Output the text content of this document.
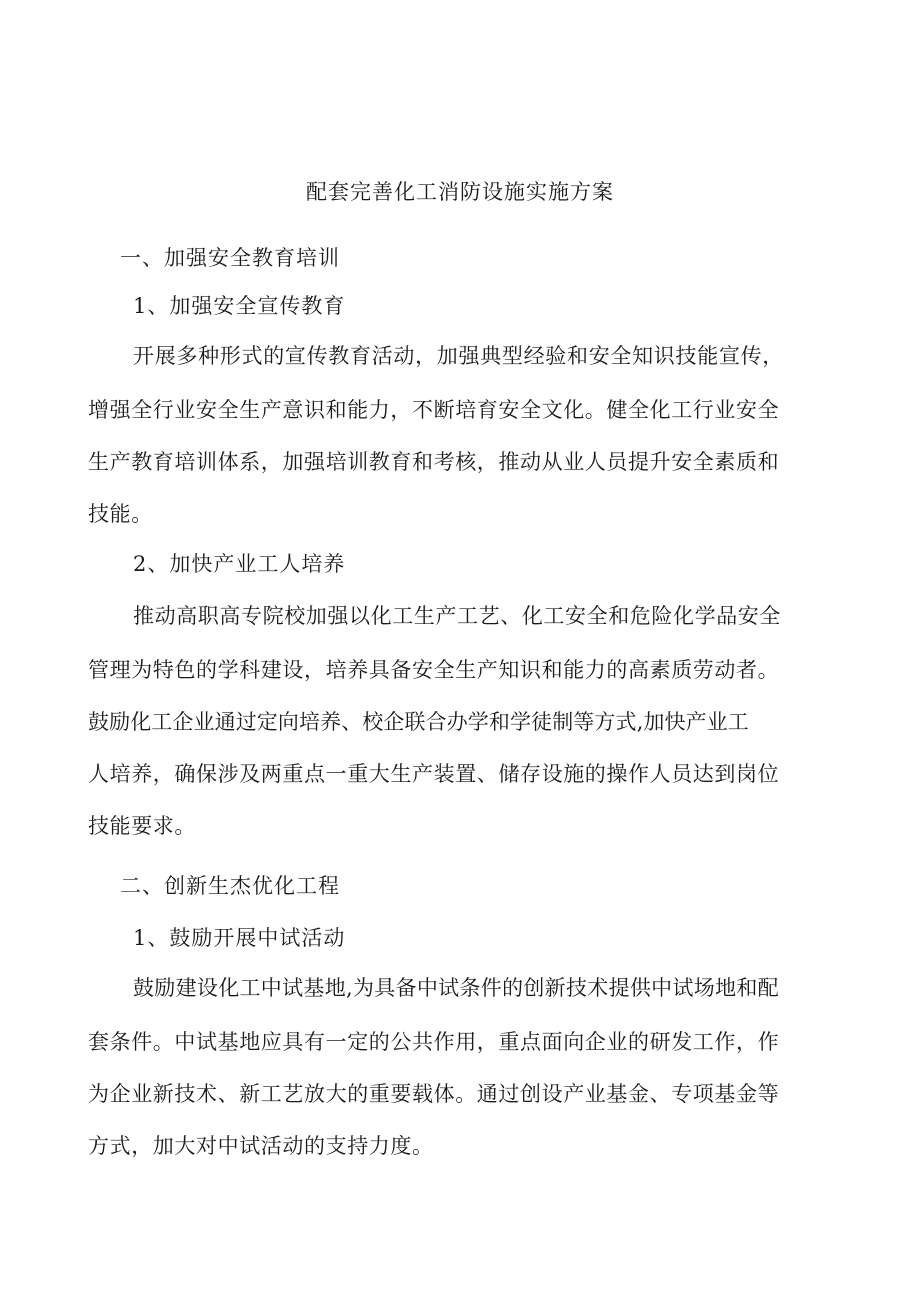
配套完善化工消防设施实施方案

一、加强安全教育培训

1、加强安全宣传教育

开展多种形式的宣传教育活动，加强典型经验和安全知识技能宣传，

增强全行业安全生产意识和能力，不断培育安全文化。健全化工行业安全

生产教育培训体系，加强培训教育和考核，推动从业人员提升安全素质和

技能。

2、加快产业工人培养

推动高职高专院校加强以化工生产工艺、化工安全和危险化学品安全

管理为特色的学科建设，培养具备安全生产知识和能力的高素质劳动者。

鼓励化工企业通过定向培养、校企联合办学和学徒制等方式,加快产业工

人培养，确保涉及两重点一重大生产装置、储存设施的操作人员达到岗位

技能要求。

二、创新生杰优化工程

1、鼓励开展中试活动

鼓励建设化工中试基地,为具备中试条件的创新技术提供中试场地和配

套条件。中试基地应具有一定的公共作用，重点面向企业的研发工作，作

为企业新技术、新工艺放大的重要载体。通过创设产业基金、专项基金等

方式，加大对中试活动的支持力度。
